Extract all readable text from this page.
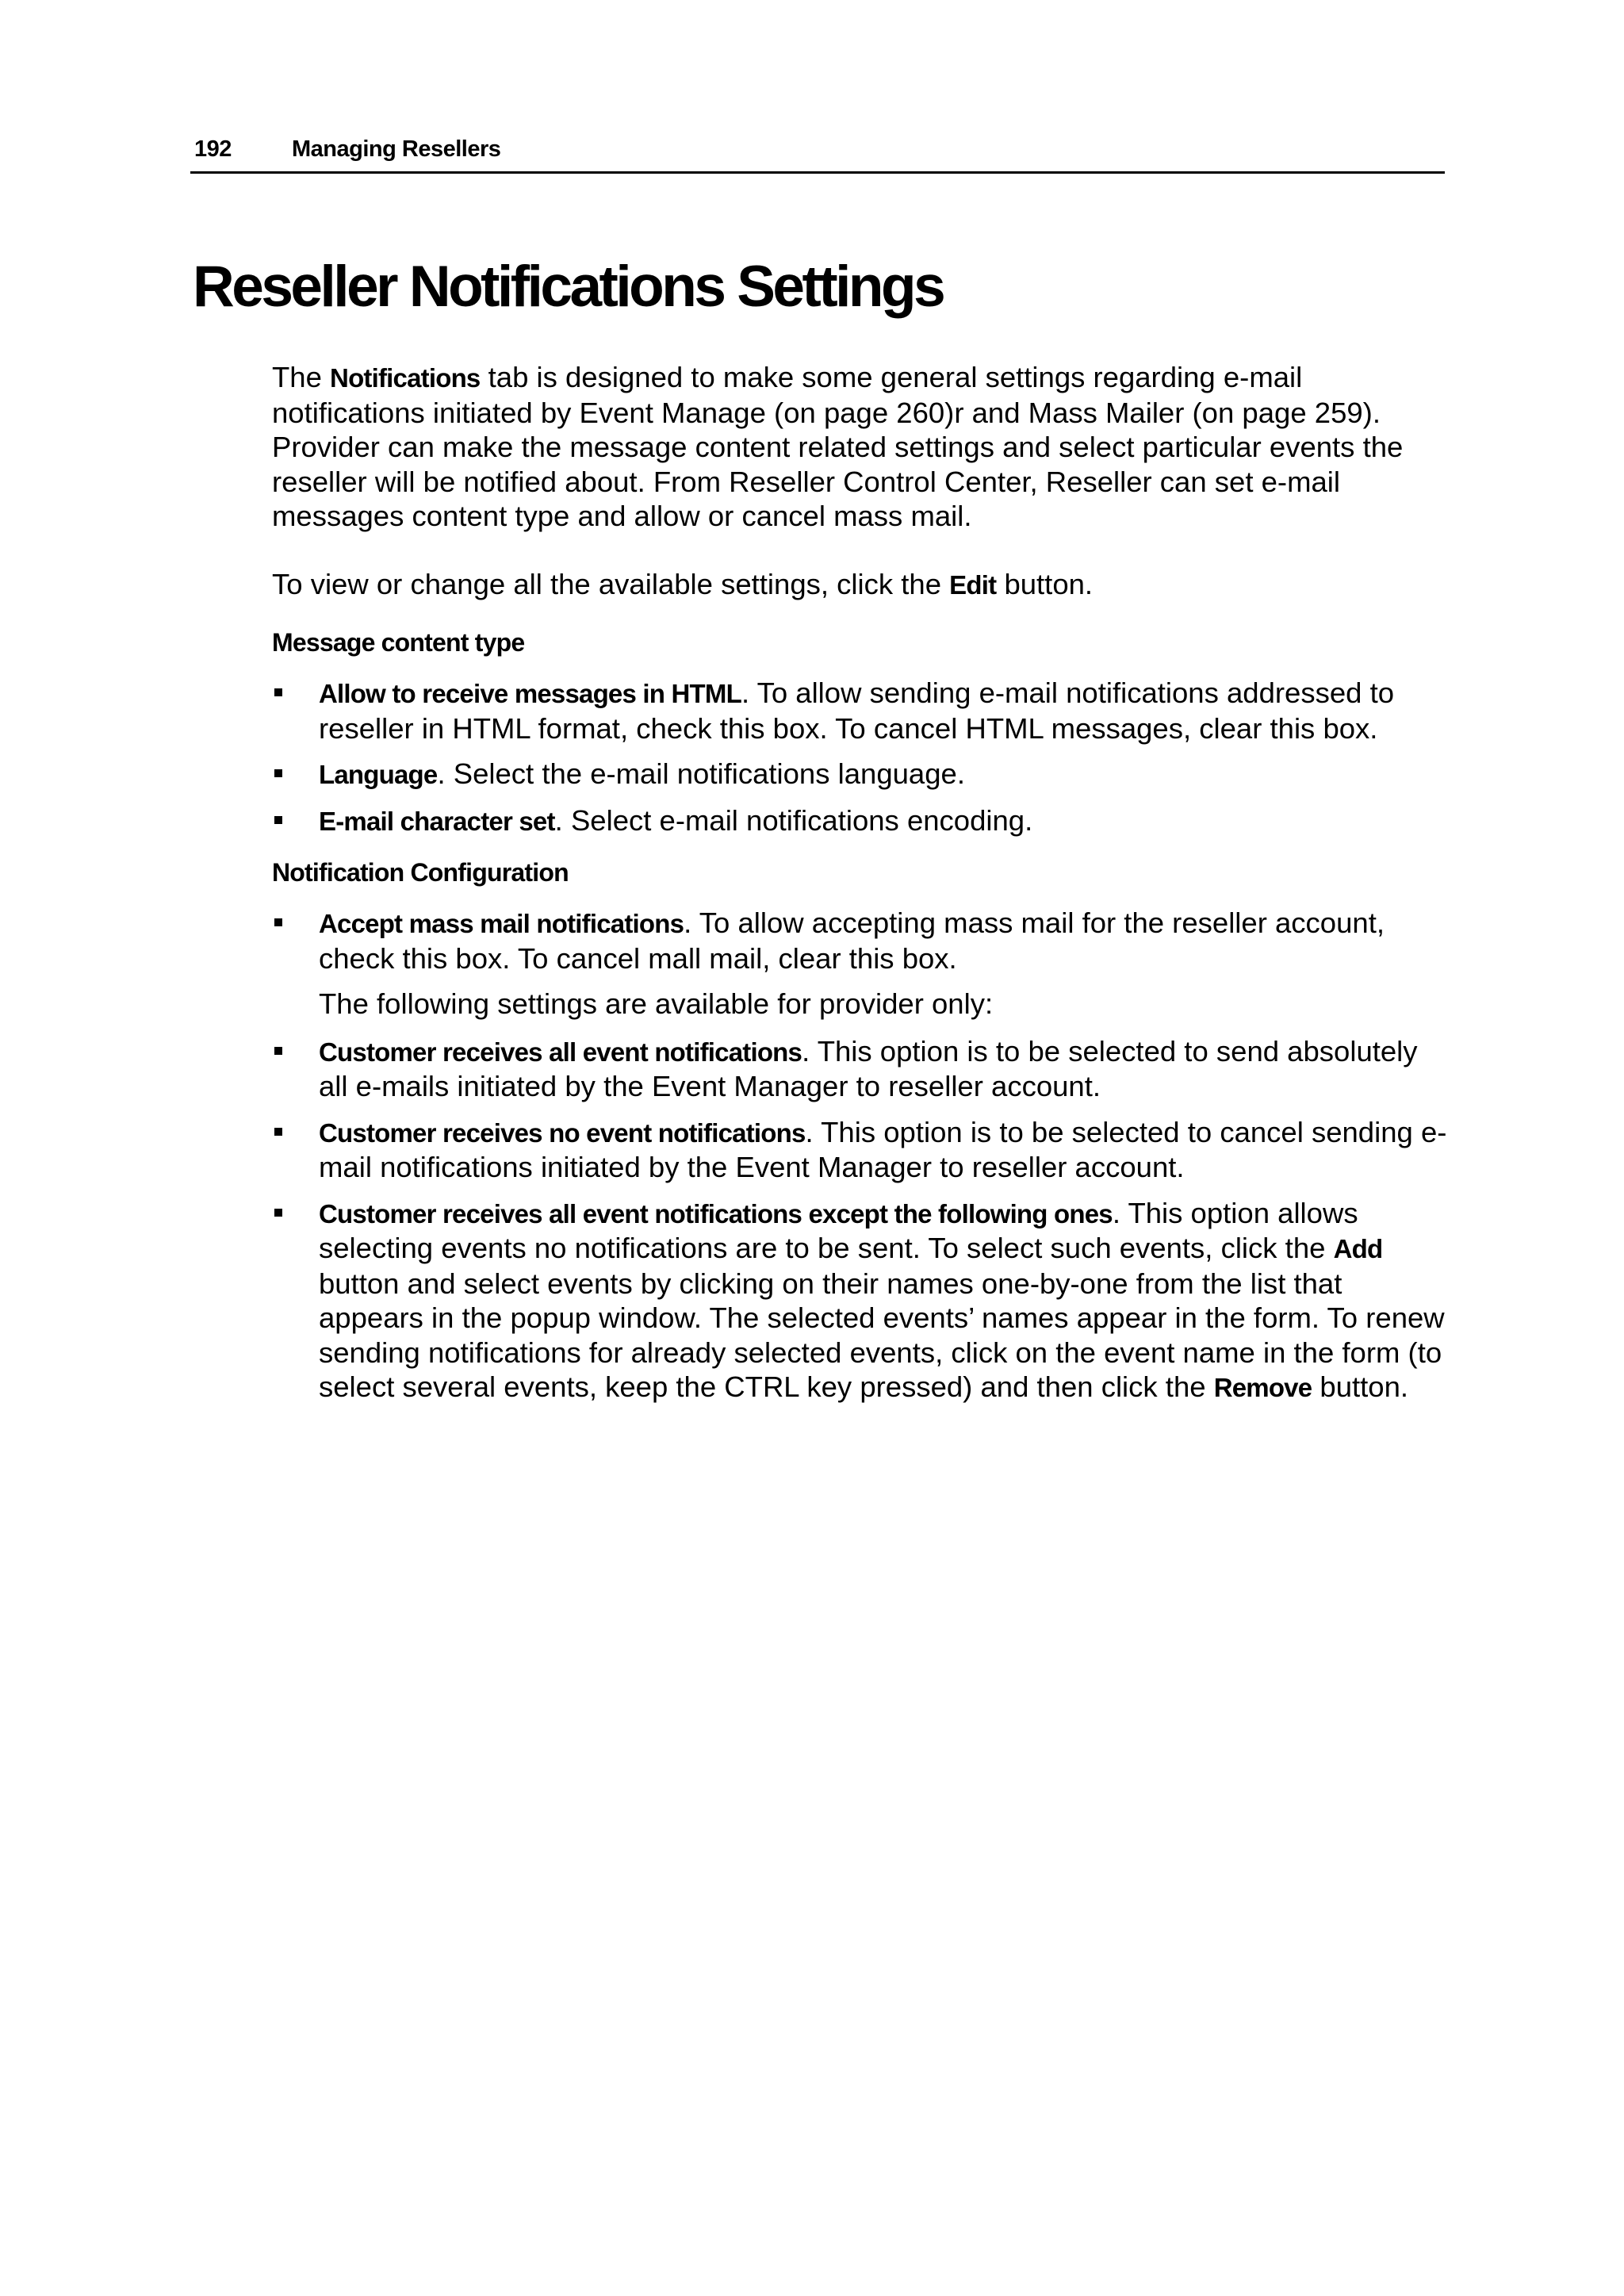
192	Managing Resellers
Reseller Notifications Settings

The Notifications tab is designed to make some general settings regarding e-mail notifications initiated by Event Manage (on page 260)r and Mass Mailer (on page 259). Provider can make the message content related settings and select particular events the reseller will be notified about. From Reseller Control Center, Reseller can set e-mail messages content type and allow or cancel mass mail.

To view or change all the available settings, click the Edit button.

Message content type

Allow to receive messages in HTML. To allow sending e-mail notifications addressed to reseller in HTML format, check this box. To cancel HTML messages, clear this box.
Language. Select the e-mail notifications language.
E-mail character set. Select e-mail notifications encoding.

Notification Configuration

Accept mass mail notifications. To allow accepting mass mail for the reseller account, check this box. To cancel mall mail, clear this box.

The following settings are available for provider only:

Customer receives all event notifications. This option is to be selected to send absolutely all e-mails initiated by the Event Manager to reseller account.
Customer receives no event notifications. This option is to be selected to cancel sending e-mail notifications initiated by the Event Manager to reseller account.
Customer receives all event notifications except the following ones. This option allows selecting events no notifications are to be sent. To select such events, click the Add button and select events by clicking on their names one-by-one from the list that appears in the popup window. The selected events’ names appear in the form. To renew sending notifications for already selected events, click on the event name in the form (to select several events, keep the CTRL key pressed) and then click the Remove button.
